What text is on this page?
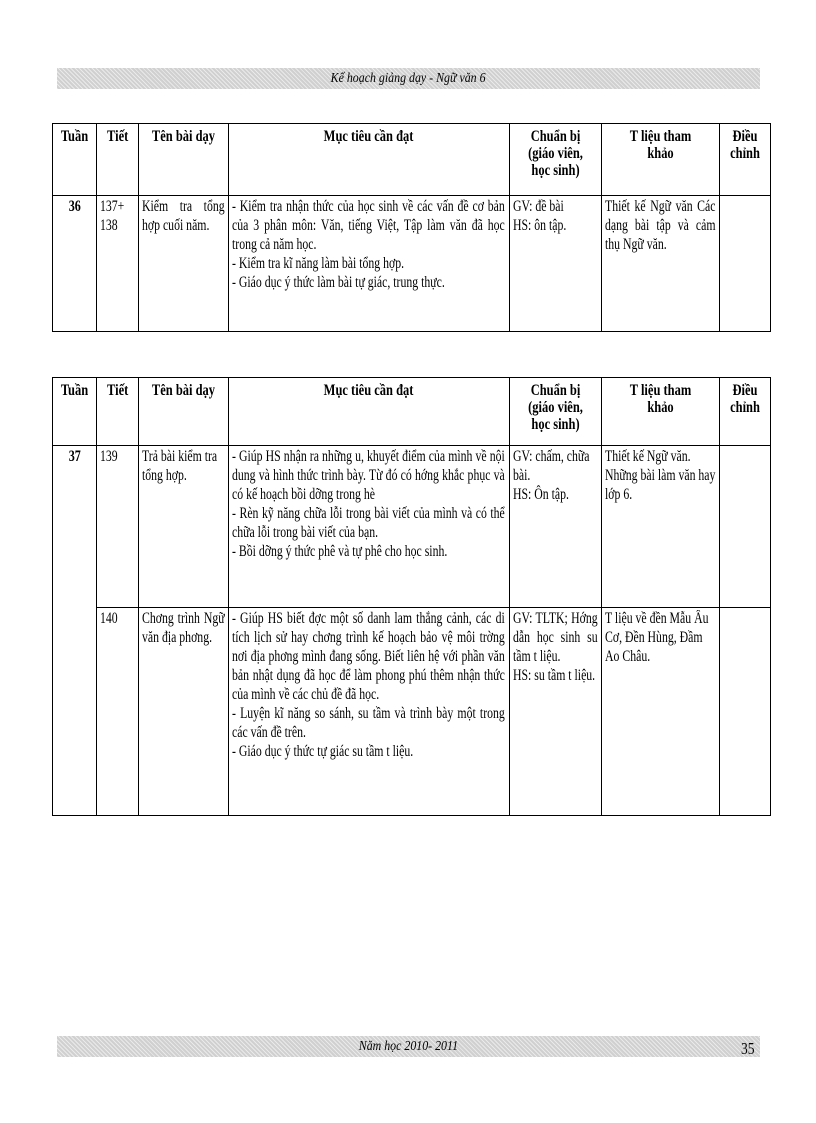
Kế hoạch giảng dạy - Ngữ văn 6
Tuần	Tiết	Tên bài dạy	Mục tiêu cần đạt	Chuẩn bị (giáo viên, học sinh)	T liệu tham khảo	Điều chỉnh
36	137+ 138	Kiểm tra tổng hợp cuối năm.	- Kiểm tra nhận thức của học sinh về các vấn đề cơ bản của 3 phân môn: Văn, tiếng Việt, Tập làm văn đã học trong cả năm học.
- Kiểm tra kĩ năng làm bài tổng hợp.
- Giáo dục ý thức làm bài tự giác, trung thực.	GV: đề bài
HS: ôn tập.	Thiết kế Ngữ văn Các dạng bài tập và cảm thụ Ngữ văn.	

Tuần	Tiết	Tên bài dạy	Mục tiêu cần đạt	Chuẩn bị (giáo viên, học sinh)	T liệu tham khảo	Điều chỉnh
37	139	Trả bài kiểm tra tổng hợp.	- Giúp HS nhận ra những u, khuyết điểm của mình về nội dung và hình thức trình bày. Từ đó có hớng khắc phục và có kế hoạch bồi dỡng trong hè
- Rèn kỹ năng chữa lỗi trong bài viết của mình và có thể chữa lỗi trong bài viết của bạn.
- Bồi dỡng ý thức phê và tự phê cho học sinh.	GV: chấm, chữa bài.
HS: Ôn tập.	Thiết kế Ngữ văn. Những bài làm văn hay lớp 6.	

	140	Chơng trình Ngữ văn địa phơng.	- Giúp HS biết đợc một số danh lam thắng cảnh, các di tích lịch sử hay chơng trình kế hoạch bảo vệ môi trờng nơi địa phơng mình đang sống. Biết liên hệ với phần văn bản nhật dụng đã học để làm phong phú thêm nhận thức của mình về các chủ đề đã học.
- Luyện kĩ năng so sánh, su tầm và trình bày một trong các vấn đề trên.
- Giáo dục ý thức tự giác su tầm t liệu.	GV: TLTK; Hớng dẫn học sinh su tầm t liệu.
HS: su tầm t liệu.	T liệu về đền Mẫu Âu Cơ, Đền Hùng, Đầm Ao Châu.	

Năm học 2010- 2011	35
